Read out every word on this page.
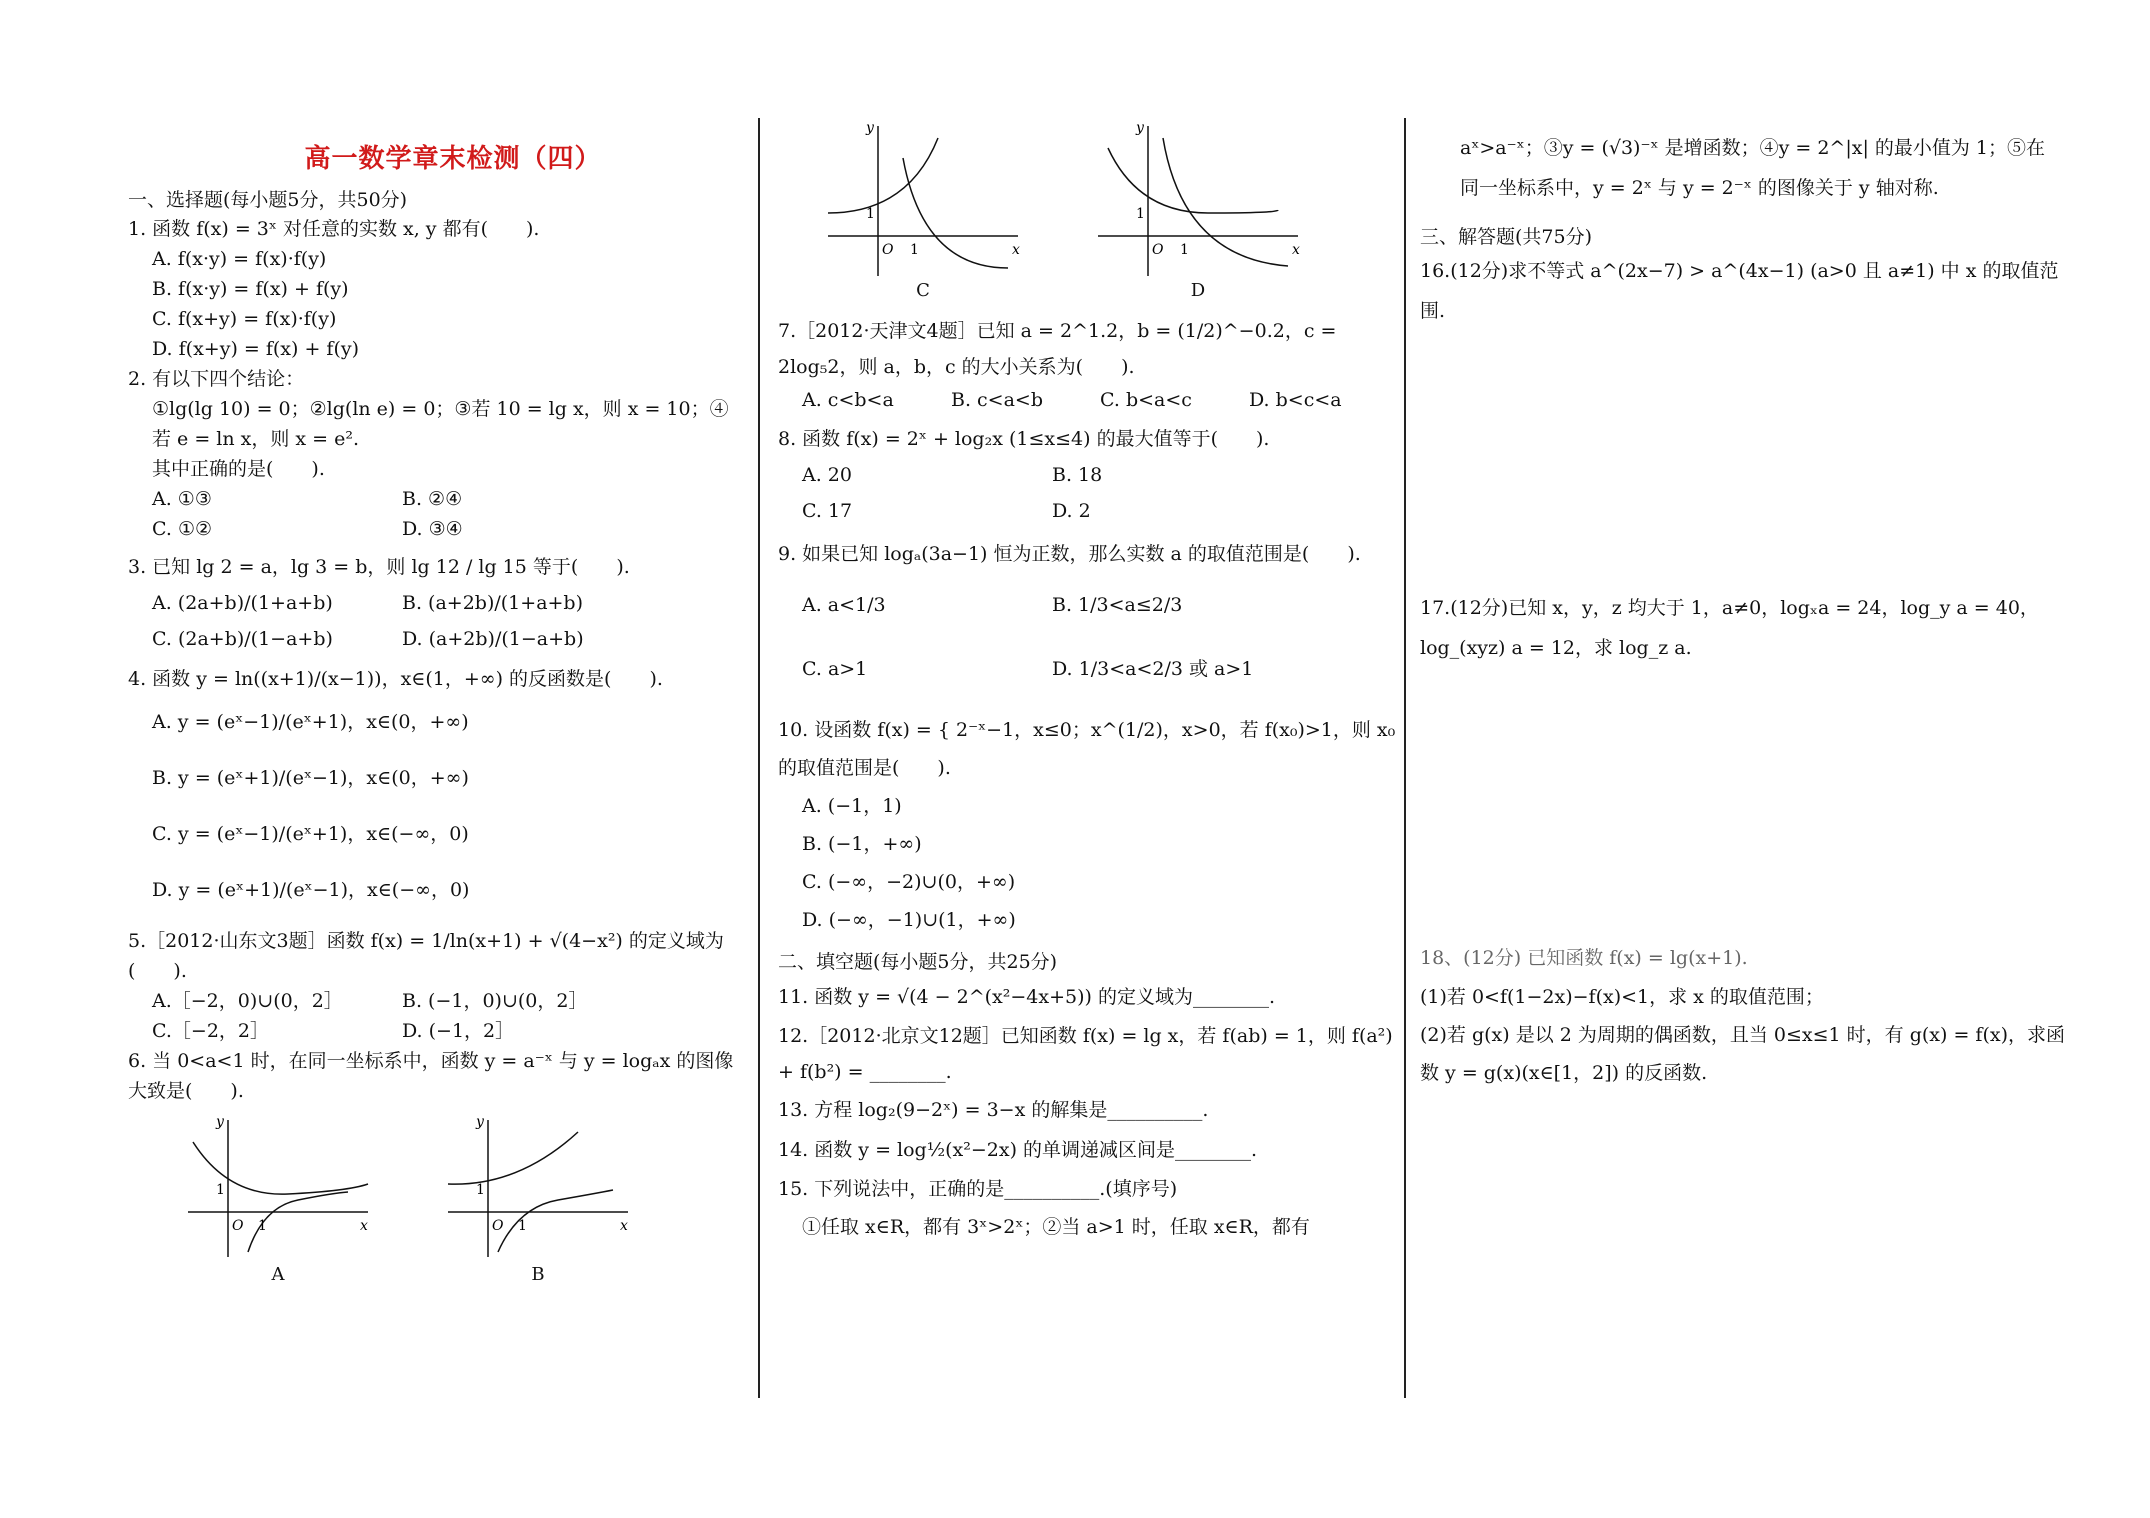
高一数学章末检测（四）
一、选择题(每小题5分，共50分)

1. 函数 f(x) = 3ˣ 对任意的实数 x, y 都有(　　).

A. f(x·y) = f(x)·f(y)
B. f(x·y) = f(x) + f(y)
C. f(x+y) = f(x)·f(y)
D. f(x+y) = f(x) + f(y)

2. 有以下四个结论：

①lg(lg 10) = 0；②lg(ln e) = 0；③若 10 = lg x，则 x = 10；④若 e = ln x，则 x = e².

其中正确的是(　　).

A. ①③	B. ②④
C. ①②	D. ③④

3. 已知 lg 2 = a，lg 3 = b，则 lg 12 / lg 15 等于(　　).

A. (2a+b)/(1+a+b)	B. (a+2b)/(1+a+b)
C. (2a+b)/(1−a+b)	D. (a+2b)/(1−a+b)

4. 函数 y = ln((x+1)/(x−1))，x∈(1，+∞) 的反函数是(　　).

A. y = (eˣ−1)/(eˣ+1)，x∈(0，+∞)
B. y = (eˣ+1)/(eˣ−1)，x∈(0，+∞)
C. y = (eˣ−1)/(eˣ+1)，x∈(−∞，0)
D. y = (eˣ+1)/(eˣ−1)，x∈(−∞，0)

5.［2012·山东文3题］函数 f(x) = 1/ln(x+1) + √(4−x²) 的定义域为(　　).

A.［−2，0)∪(0，2］	B. (−1，0)∪(0，2］
C.［−2，2］	D. (−1，2］

6. 当 0<a<1 时，在同一坐标系中，函数 y = a⁻ˣ 与 y = logₐx 的图像大致是(　　).

1
O 1	x
y
A
1
O 1	x
y
B
1
O 1	x
y
C
1
O 1	x
y
D

7.［2012·天津文4题］已知 a = 2^1.2，b = (1/2)^−0.2，c = 2log₅2，则 a，b，c 的大小关系为(　　).

A. c<b<a	B. c<a<b	C. b<a<c	D. b<c<a

8. 函数 f(x) = 2ˣ + log₂x (1≤x≤4) 的最大值等于(　　).

A. 20	B. 18
C. 17	D. 2

9. 如果已知 logₐ(3a−1) 恒为正数，那么实数 a 的取值范围是(　　).

A. a<1/3	B. 1/3<a≤2/3
C. a>1	D. 1/3<a<2/3 或 a>1

10. 设函数 f(x) = { 2⁻ˣ−1，x≤0；x^(1/2)，x>0，若 f(x₀)>1，则 x₀ 的取值范围是(　　).

A. (−1，1)
B. (−1，+∞)
C. (−∞，−2)∪(0，+∞)
D. (−∞，−1)∪(1，+∞)
二、填空题(每小题5分，共25分)

11. 函数 y = √(4 − 2^(x²−4x+5)) 的定义域为________.

12.［2012·北京文12题］已知函数 f(x) = lg x，若 f(ab) = 1，则 f(a²) + f(b²) = ________.

13. 方程 log₂(9−2ˣ) = 3−x 的解集是__________.

14. 函数 y = log½(x²−2x) 的单调递减区间是________.

15. 下列说法中，正确的是__________.(填序号)

①任取 x∈R，都有 3ˣ>2ˣ；②当 a>1 时，任取 x∈R，都有

aˣ>a⁻ˣ；③y = (√3)⁻ˣ 是增函数；④y = 2^|x| 的最小值为 1；⑤在

同一坐标系中，y = 2ˣ 与 y = 2⁻ˣ 的图像关于 y 轴对称.

三、解答题(共75分)

16.(12分)求不等式 a^(2x−7) > a^(4x−1) (a>0 且 a≠1) 中 x 的取值范围.

17.(12分)已知 x，y，z 均大于 1，a≠0，logₓa = 24，log_y a = 40，log_(xyz) a = 12，求 log_z a.

18、(12分) 已知函数 f(x) = lg(x+1).

(1)若 0<f(1−2x)−f(x)<1，求 x 的取值范围；

(2)若 g(x) 是以 2 为周期的偶函数，且当 0≤x≤1 时，有 g(x) = f(x)，求函数 y = g(x)(x∈[1，2]) 的反函数.
